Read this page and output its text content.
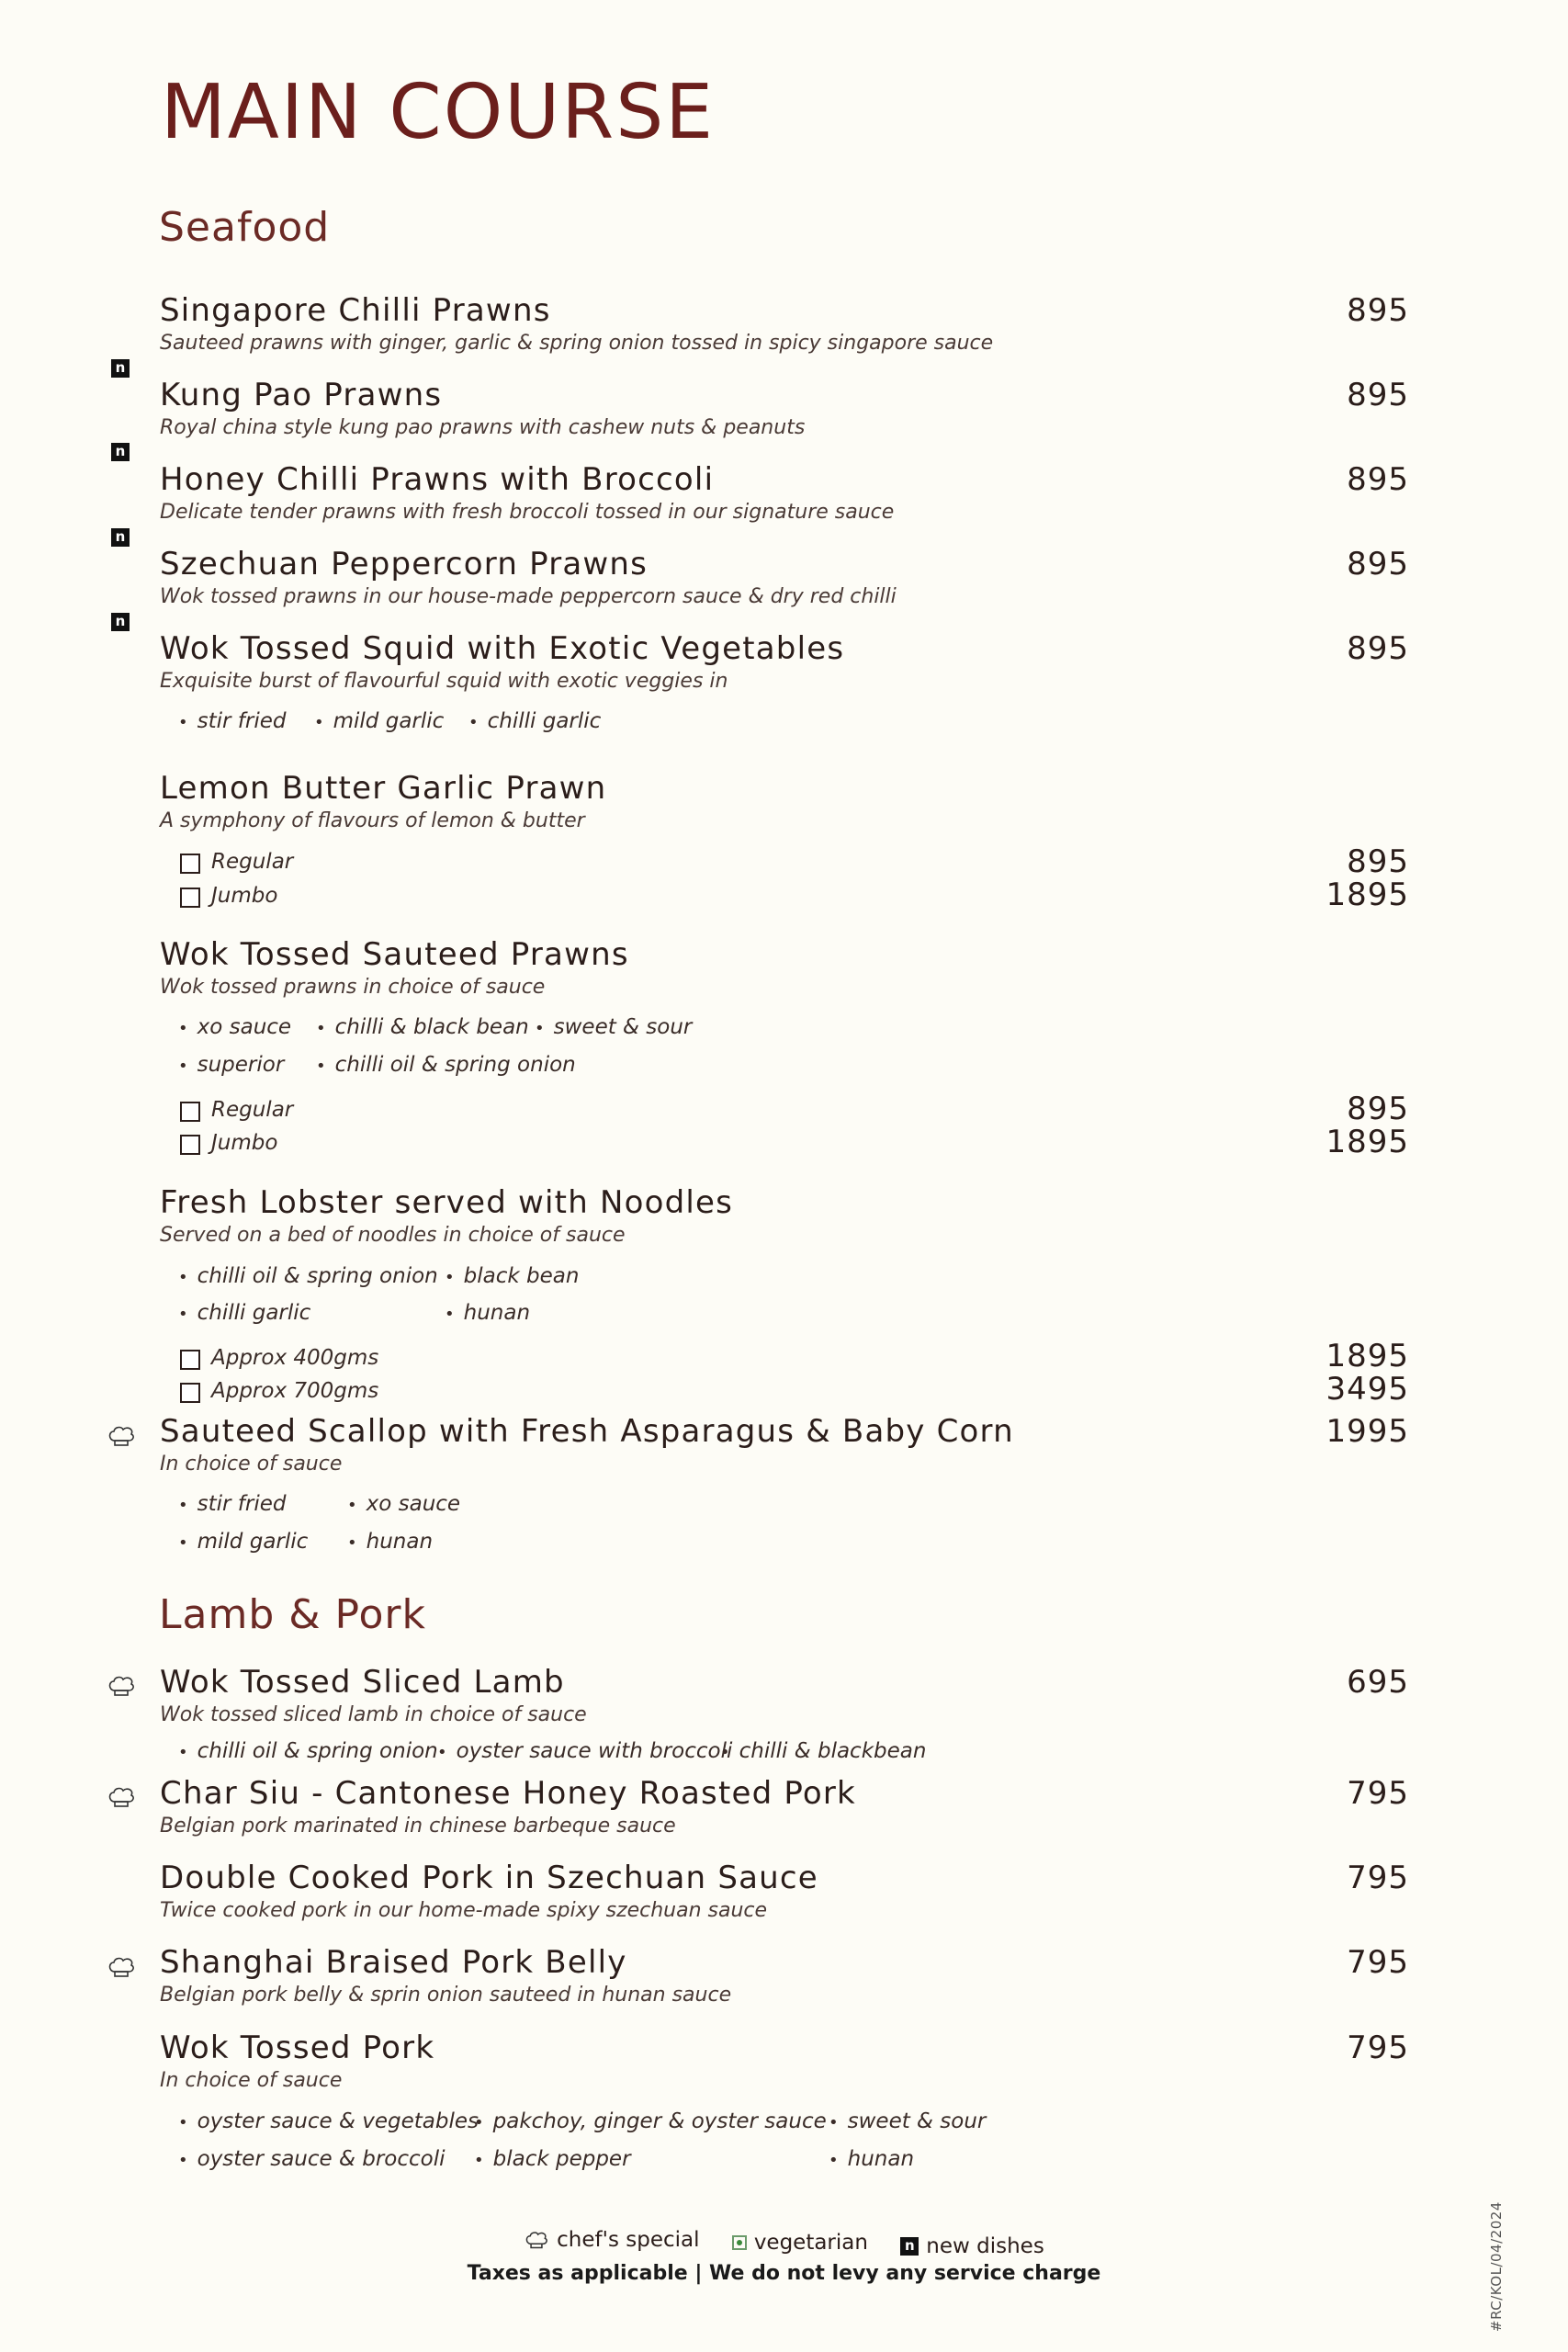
MAIN COURSE
Seafood
Singapore Chilli Prawns	895
Sauteed prawns with ginger, garlic & spring onion tossed in spicy singapore sauce
n
Kung Pao Prawns	895
Royal china style kung pao prawns with cashew nuts & peanuts
n
Honey Chilli Prawns with Broccoli	895
Delicate tender prawns with fresh broccoli tossed in our signature sauce
n
Szechuan Peppercorn Prawns	895
Wok tossed prawns in our house-made peppercorn sauce & dry red chilli
n
Wok Tossed Squid with Exotic Vegetables	895
Exquisite burst of flavourful squid with exotic veggies in
• stir fried	• mild garlic	• chilli garlic
Lemon Butter Garlic Prawn
A symphony of flavours of lemon & butter
Regular	895
Jumbo	1895
Wok Tossed Sauteed Prawns
Wok tossed prawns in choice of sauce
• xo sauce	• chilli & black bean	• sweet & sour
• superior	• chilli oil & spring onion
Regular	895
Jumbo	1895
Fresh Lobster served with Noodles
Served on a bed of noodles in choice of sauce
• chilli oil & spring onion	• black bean
• chilli garlic	• hunan
Approx 400gms	1895
Approx 700gms	3495
Sauteed Scallop with Fresh Asparagus & Baby Corn	1995
In choice of sauce
• stir fried	• xo sauce
• mild garlic	• hunan
Lamb & Pork
Wok Tossed Sliced Lamb	695
Wok tossed sliced lamb in choice of sauce
• chilli oil & spring onion • oyster sauce with broccoli • chilli & blackbean
Char Siu - Cantonese Honey Roasted Pork	795
Belgian pork marinated in chinese barbeque sauce
Double Cooked Pork in Szechuan Sauce	795
Twice cooked pork in our home-made spixy szechuan sauce
Shanghai Braised Pork Belly	795
Belgian pork belly & sprin onion sauteed in hunan sauce
Wok Tossed Pork	795
In choice of sauce
• oyster sauce & vegetables • pakchoy, ginger & oyster sauce • sweet & sour
• oyster sauce & broccoli	• black pepper	• hunan
chef's special
	vegetarian
	n new dishes
Taxes as applicable | We do not levy any service charge	#RC/KOL/04/2024
